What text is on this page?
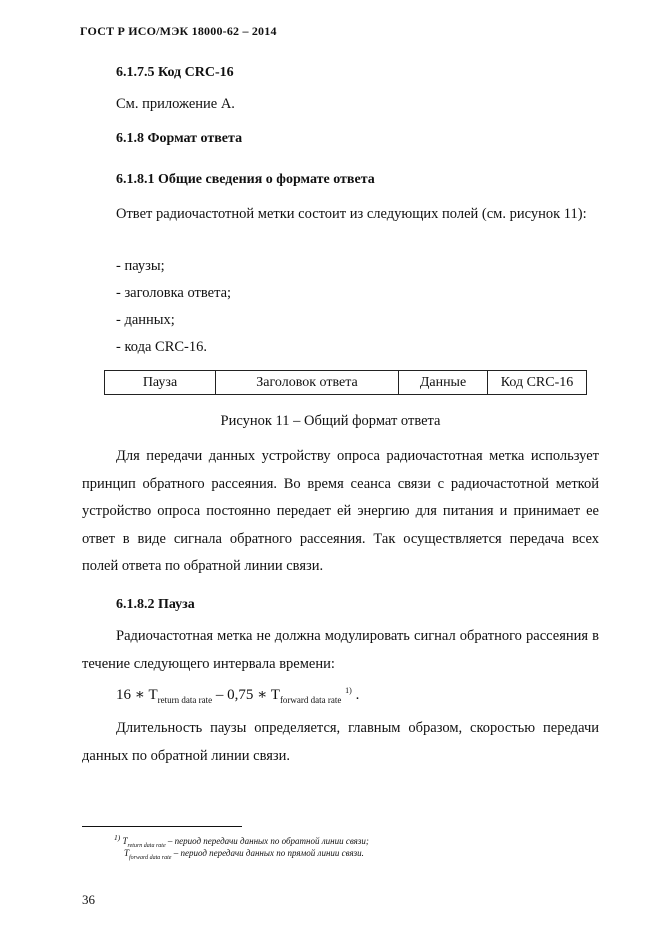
ГОСТ Р ИСО/МЭК 18000-62 – 2014
6.1.7.5 Код CRC-16
См. приложение А.
6.1.8 Формат ответа
6.1.8.1 Общие сведения о формате ответа
Ответ радиочастотной метки состоит из следующих полей (см. рисунок 11):
- паузы;
- заголовка ответа;
- данных;
- кода CRC-16.
Пауза	Заголовок ответа	Данные	Код CRC-16
Рисунок 11 – Общий формат ответа
Для передачи данных устройству опроса радиочастотная метка использует принцип обратного рассеяния. Во время сеанса связи с радиочастотной меткой устройство опроса постоянно передает ей энергию для питания и принимает ее ответ в виде сигнала обратного рассеяния. Так осуществляется передача всех полей ответа по обратной линии связи.
6.1.8.2 Пауза
Радиочастотная метка не должна модулировать сигнал обратного рассеяния в течение следующего интервала времени:
16 ∗ $T_{return data rate} - 0,75$ ∗ $T_{forward data rate}$ $^{1)}$ .
Длительность паузы определяется, главным образом, скоростью передачи данных по обратной линии связи.
$^{1)}$ $T_{return data rate}$ – период передачи данных по обратной линии связи;
$T_{forward data rate}$ – период передачи данных по прямой линии связи.
36
